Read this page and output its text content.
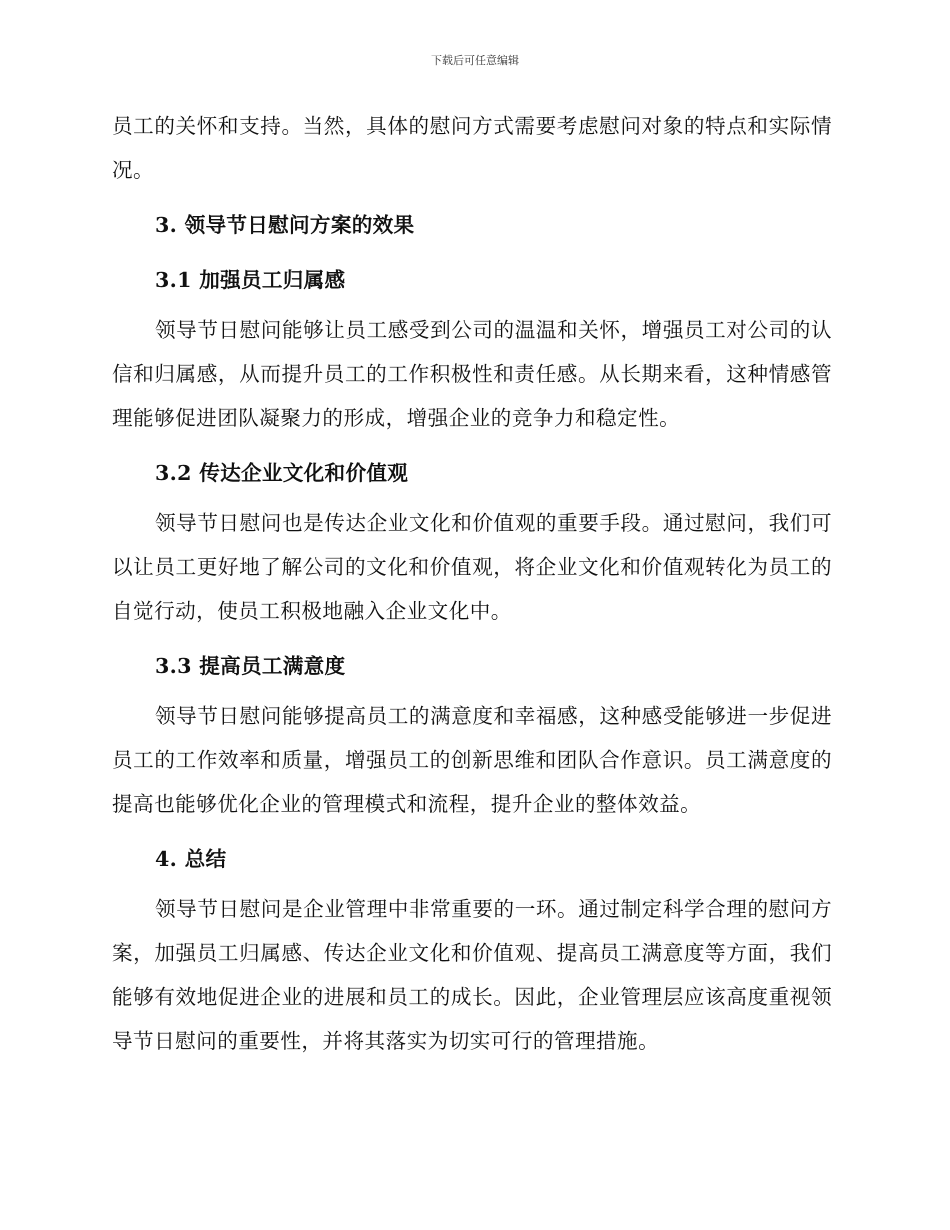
下载后可任意编辑

员工的关怀和支持。当然，具体的慰问方式需要考虑慰问对象的特点和实际情况。

3. 领导节日慰问方案的效果
3.1 加强员工归属感

领导节日慰问能够让员工感受到公司的温温和关怀，增强员工对公司的认信和归属感，从而提升员工的工作积极性和责任感。从长期来看，这种情感管理能够促进团队凝聚力的形成，增强企业的竞争力和稳定性。

3.2 传达企业文化和价值观

领导节日慰问也是传达企业文化和价值观的重要手段。通过慰问，我们可以让员工更好地了解公司的文化和价值观，将企业文化和价值观转化为员工的自觉行动，使员工积极地融入企业文化中。

3.3 提高员工满意度

领导节日慰问能够提高员工的满意度和幸福感，这种感受能够进一步促进员工的工作效率和质量，增强员工的创新思维和团队合作意识。员工满意度的提高也能够优化企业的管理模式和流程，提升企业的整体效益。

4. 总结

领导节日慰问是企业管理中非常重要的一环。通过制定科学合理的慰问方案，加强员工归属感、传达企业文化和价值观、提高员工满意度等方面，我们能够有效地促进企业的进展和员工的成长。因此，企业管理层应该高度重视领导节日慰问的重要性，并将其落实为切实可行的管理措施。
